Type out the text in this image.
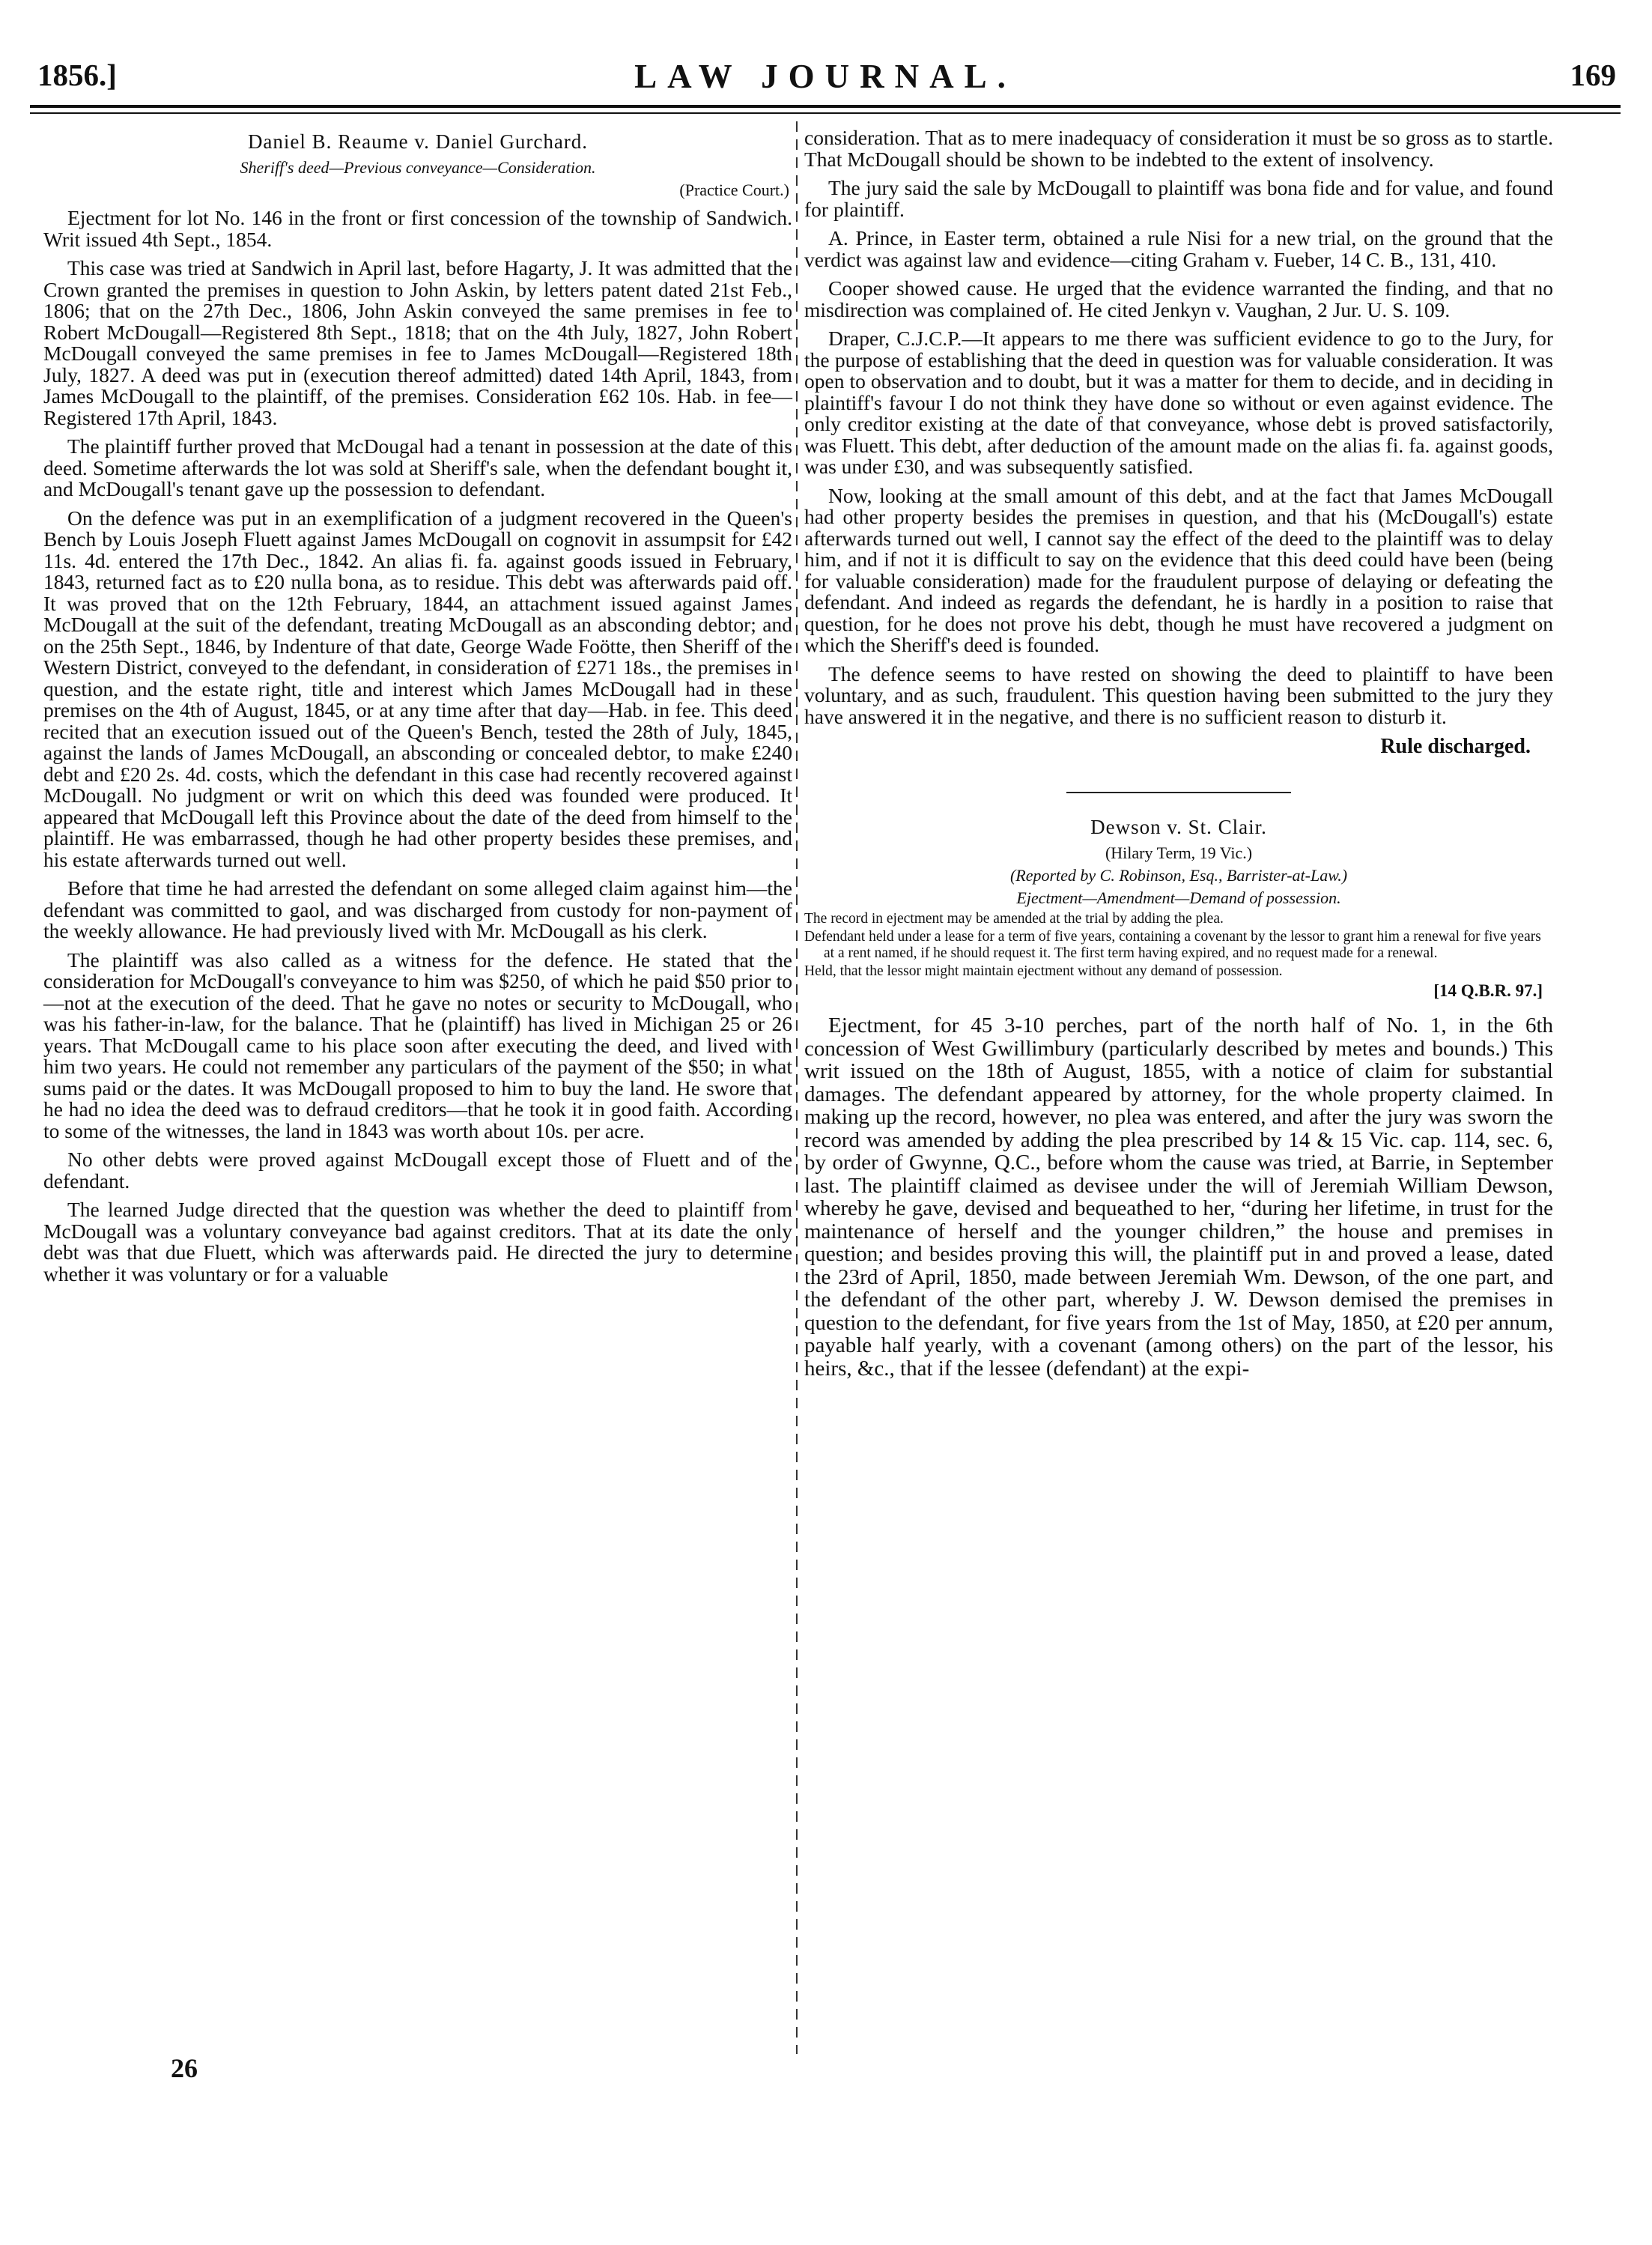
1856.]	LAW JOURNAL.	169
Daniel B. Reaume v. Daniel Gurchard.
Sheriff's deed—Previous conveyance—Consideration.
(Practice Court.)

Ejectment for lot No. 146 in the front or first concession of the township of Sandwich. Writ issued 4th Sept., 1854.

This case was tried at Sandwich in April last, before Hagarty, J. It was admitted that the Crown granted the premises in question to John Askin, by letters patent dated 21st Feb., 1806; that on the 27th Dec., 1806, John Askin conveyed the same premises in fee to Robert McDougall—Registered 8th Sept., 1818; that on the 4th July, 1827, John Robert McDougall conveyed the same premises in fee to James McDougall—Registered 18th July, 1827. A deed was put in (execution thereof admitted) dated 14th April, 1843, from James McDougall to the plaintiff, of the premises. Consideration £62 10s. Hab. in fee—Registered 17th April, 1843.

The plaintiff further proved that McDougal had a tenant in possession at the date of this deed. Sometime afterwards the lot was sold at Sheriff's sale, when the defendant bought it, and McDougall's tenant gave up the possession to defendant.

On the defence was put in an exemplification of a judgment recovered in the Queen's Bench by Louis Joseph Fluett against James McDougall on cognovit in assumpsit for £42 11s. 4d. entered the 17th Dec., 1842. An alias fi. fa. against goods issued in February, 1843, returned fact as to £20 nulla bona, as to residue. This debt was afterwards paid off. It was proved that on the 12th February, 1844, an attachment issued against James McDougall at the suit of the defendant, treating McDougall as an absconding debtor; and on the 25th Sept., 1846, by Indenture of that date, George Wade Foötte, then Sheriff of the Western District, conveyed to the defendant, in consideration of £271 18s., the premises in question, and the estate right, title and interest which James McDougall had in these premises on the 4th of August, 1845, or at any time after that day—Hab. in fee. This deed recited that an execution issued out of the Queen's Bench, tested the 28th of July, 1845, against the lands of James McDougall, an absconding or concealed debtor, to make £240 debt and £20 2s. 4d. costs, which the defendant in this case had recently recovered against McDougall. No judgment or writ on which this deed was founded were produced. It appeared that McDougall left this Province about the date of the deed from himself to the plaintiff. He was embarrassed, though he had other property besides these premises, and his estate afterwards turned out well.

Before that time he had arrested the defendant on some alleged claim against him—the defendant was committed to gaol, and was discharged from custody for non-payment of the weekly allowance. He had previously lived with Mr. McDougall as his clerk.

The plaintiff was also called as a witness for the defence. He stated that the consideration for McDougall's conveyance to him was $250, of which he paid $50 prior to—not at the execution of the deed. That he gave no notes or security to McDougall, who was his father-in-law, for the balance. That he (plaintiff) has lived in Michigan 25 or 26 years. That McDougall came to his place soon after executing the deed, and lived with him two years. He could not remember any particulars of the payment of the $50; in what sums paid or the dates. It was McDougall proposed to him to buy the land. He swore that he had no idea the deed was to defraud creditors—that he took it in good faith. According to some of the witnesses, the land in 1843 was worth about 10s. per acre.

No other debts were proved against McDougall except those of Fluett and of the defendant.

The learned Judge directed that the question was whether the deed to plaintiff from McDougall was a voluntary conveyance bad against creditors. That at its date the only debt was that due Fluett, which was afterwards paid. He directed the jury to determine whether it was voluntary or for a valuable

consideration. That as to mere inadequacy of consideration it must be so gross as to startle. That McDougall should be shown to be indebted to the extent of insolvency.

The jury said the sale by McDougall to plaintiff was bona fide and for value, and found for plaintiff.

A. Prince, in Easter term, obtained a rule Nisi for a new trial, on the ground that the verdict was against law and evidence—citing Graham v. Fueber, 14 C. B., 131, 410.

Cooper showed cause. He urged that the evidence warranted the finding, and that no misdirection was complained of. He cited Jenkyn v. Vaughan, 2 Jur. U. S. 109.

Draper, C.J.C.P.—It appears to me there was sufficient evidence to go to the Jury, for the purpose of establishing that the deed in question was for valuable consideration. It was open to observation and to doubt, but it was a matter for them to decide, and in deciding in plaintiff's favour I do not think they have done so without or even against evidence. The only creditor existing at the date of that conveyance, whose debt is proved satisfactorily, was Fluett. This debt, after deduction of the amount made on the alias fi. fa. against goods, was under £30, and was subsequently satisfied.

Now, looking at the small amount of this debt, and at the fact that James McDougall had other property besides the premises in question, and that his (McDougall's) estate afterwards turned out well, I cannot say the effect of the deed to the plaintiff was to delay him, and if not it is difficult to say on the evidence that this deed could have been (being for valuable consideration) made for the fraudulent purpose of delaying or defeating the defendant. And indeed as regards the defendant, he is hardly in a position to raise that question, for he does not prove his debt, though he must have recovered a judgment on which the Sheriff's deed is founded.

The defence seems to have rested on showing the deed to plaintiff to have been voluntary, and as such, fraudulent. This question having been submitted to the jury they have answered it in the negative, and there is no sufficient reason to disturb it.

Rule discharged.
Dewson v. St. Clair.
(Hilary Term, 19 Vic.)
(Reported by C. Robinson, Esq., Barrister-at-Law.)
Ejectment—Amendment—Demand of possession.
The record in ejectment may be amended at the trial by adding the plea.
Defendant held under a lease for a term of five years, containing a covenant by the lessor to grant him a renewal for five years at a rent named, if he should request it. The first term having expired, and no request made for a renewal.
Held, that the lessor might maintain ejectment without any demand of possession.
[14 Q.B.R. 97.]

Ejectment, for 45 3-10 perches, part of the north half of No. 1, in the 6th concession of West Gwillimbury (particularly described by metes and bounds.) This writ issued on the 18th of August, 1855, with a notice of claim for substantial damages. The defendant appeared by attorney, for the whole property claimed. In making up the record, however, no plea was entered, and after the jury was sworn the record was amended by adding the plea prescribed by 14 & 15 Vic. cap. 114, sec. 6, by order of Gwynne, Q.C., before whom the cause was tried, at Barrie, in September last. The plaintiff claimed as devisee under the will of Jeremiah William Dewson, whereby he gave, devised and bequeathed to her, “during her lifetime, in trust for the maintenance of herself and the younger children,” the house and premises in question; and besides proving this will, the plaintiff put in and proved a lease, dated the 23rd of April, 1850, made between Jeremiah Wm. Dewson, of the one part, and the defendant of the other part, whereby J. W. Dewson demised the premises in question to the defendant, for five years from the 1st of May, 1850, at £20 per annum, payable half yearly, with a covenant (among others) on the part of the lessor, his heirs, &c., that if the lessee (defendant) at the expi-

26
